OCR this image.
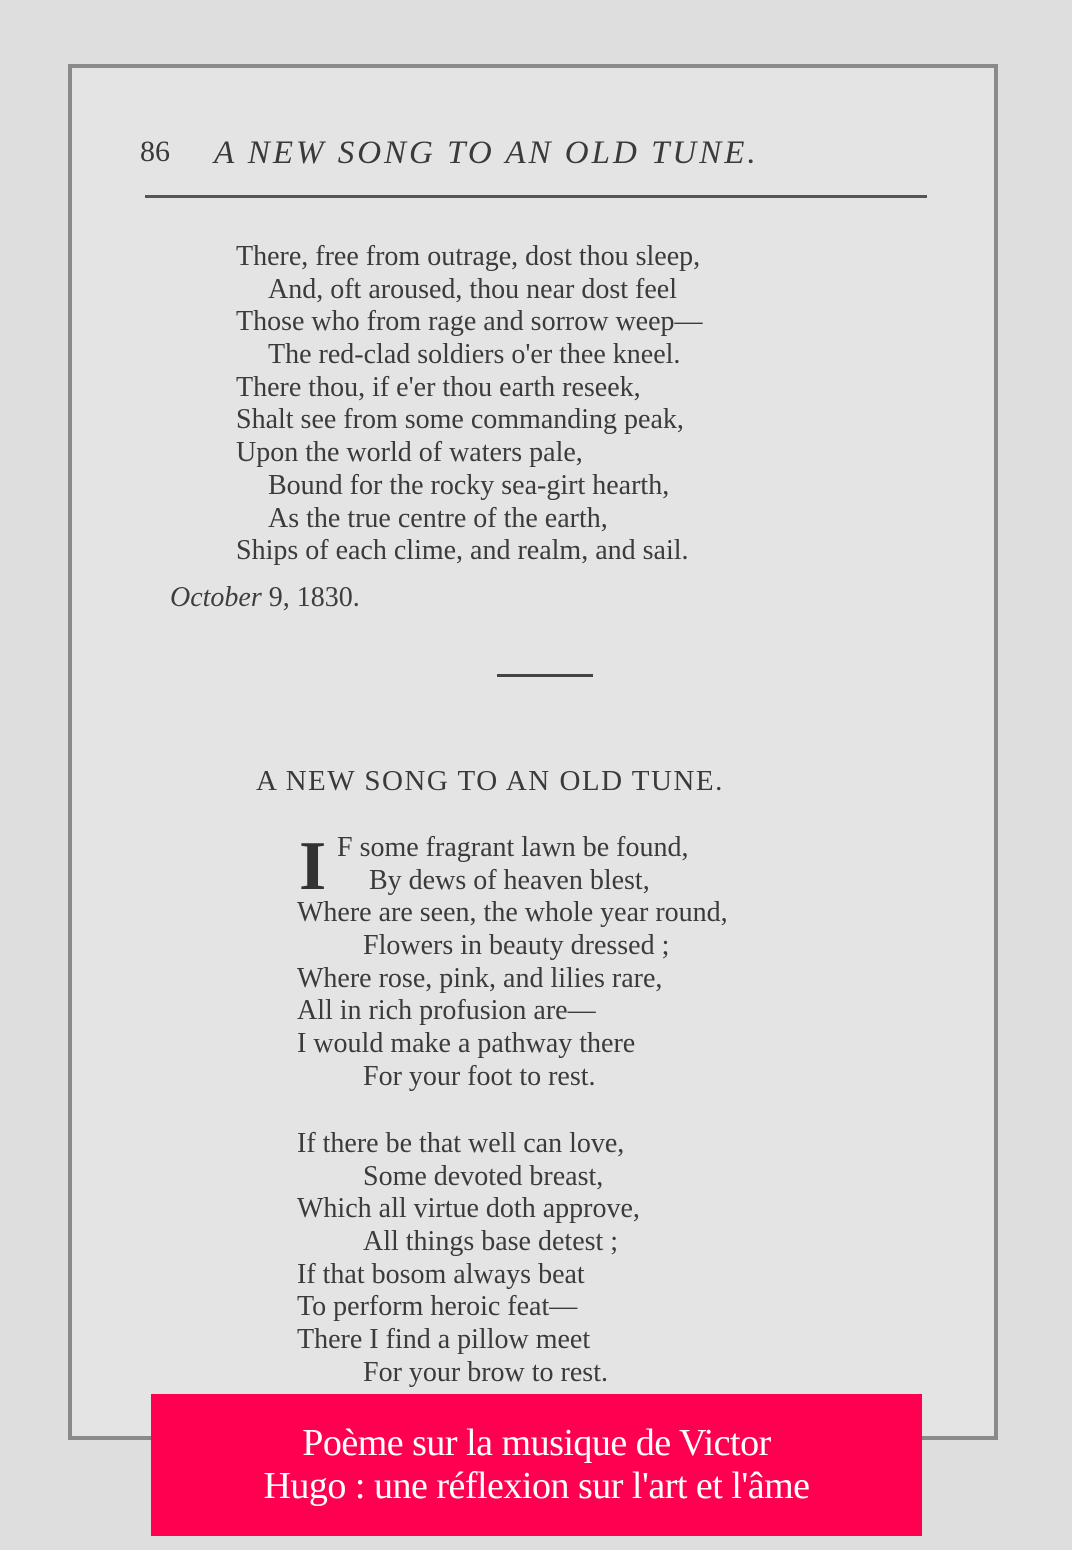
86 A NEW SONG TO AN OLD TUNE.
There, free from outrage, dost thou sleep,
And, oft aroused, thou near dost feel
Those who from rage and sorrow weep—
The red-clad soldiers o'er thee kneel.
There thou, if e'er thou earth reseek,
Shalt see from some commanding peak,
Upon the world of waters pale,
Bound for the rocky sea-girt hearth,
As the true centre of the earth,
Ships of each clime, and realm, and sail.
October 9, 1830.
A NEW SONG TO AN OLD TUNE.
I F some fragrant lawn be found,
By dews of heaven blest,
Where are seen, the whole year round,
Flowers in beauty dressed ;
Where rose, pink, and lilies rare,
All in rich profusion are—
I would make a pathway there
For your foot to rest.
If there be that well can love,
Some devoted breast,
Which all virtue doth approve,
All things base detest ;
If that bosom always beat
To perform heroic feat—
There I find a pillow meet
For your brow to rest.
Poème sur la musique de Victor Hugo : une réflexion sur l'art et l'âme
